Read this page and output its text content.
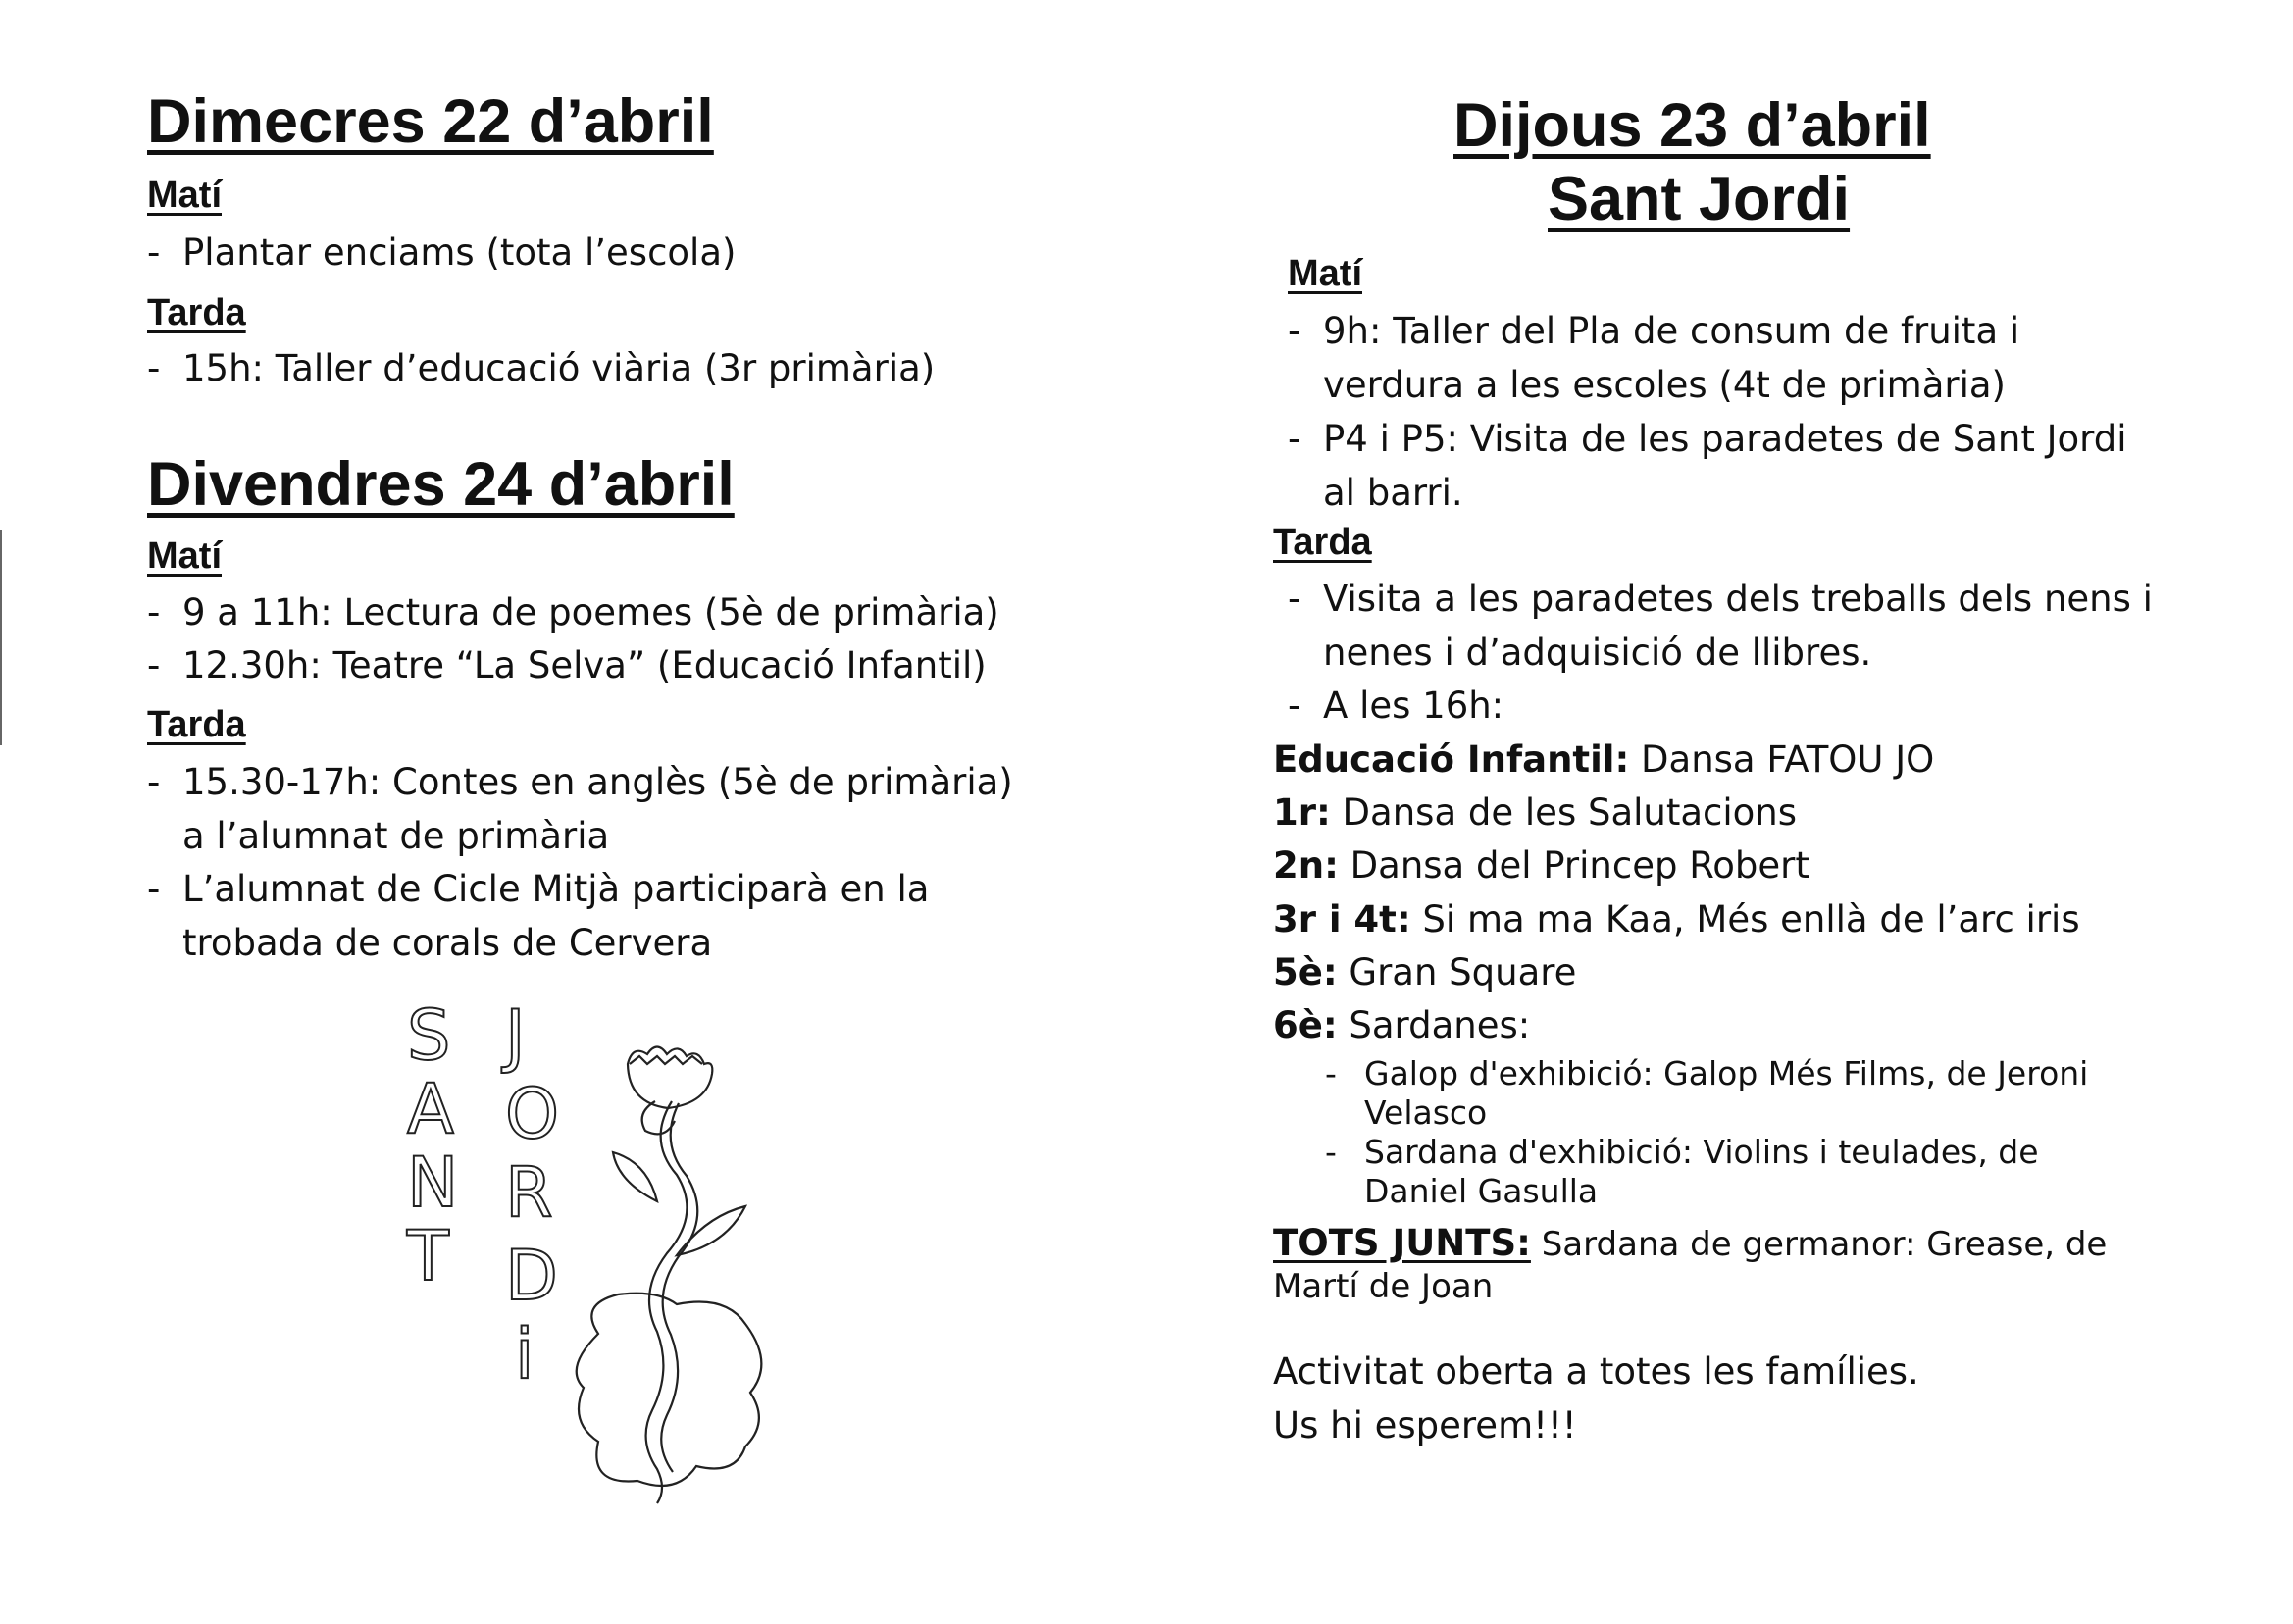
Dimecres 22 d’abril
Matí
- Plantar enciams (tota l’escola)
Tarda
- 15h: Taller d’educació viària (3r primària)
Divendres 24 d’abril
Matí
- 9 a 11h: Lectura de poemes (5è de primària)
- 12.30h: Teatre “La Selva” (Educació Infantil)
Tarda
- 15.30-17h: Contes en anglès (5è de primària)
a l’alumnat de primària
- L’alumnat de Cicle Mitjà participarà en la
trobada de corals de Cervera
S
A
N
T
J
O
R
D
i
Dijous 23 d’abril
Sant Jordi
Matí
- 9h: Taller del Pla de consum de fruita i
verdura a les escoles (4t de primària)
- P4 i P5: Visita de les paradetes de Sant Jordi
al barri.
Tarda
- Visita a les paradetes dels treballs dels nens i
nenes i d’adquisició de llibres.
- A les 16h:
Educació Infantil: Dansa FATOU JO
1r: Dansa de les Salutacions
2n: Dansa del Princep Robert
3r i 4t: Si ma ma Kaa, Més enllà de l’arc iris
5è: Gran Square
6è: Sardanes:
- Galop d'exhibició: Galop Més Films, de Jeroni
Velasco
- Sardana d'exhibició: Violins i teulades, de
Daniel Gasulla
TOTS JUNTS: Sardana de germanor: Grease, de
Martí de Joan
Activitat oberta a totes les famílies.
Us hi esperem!!!
